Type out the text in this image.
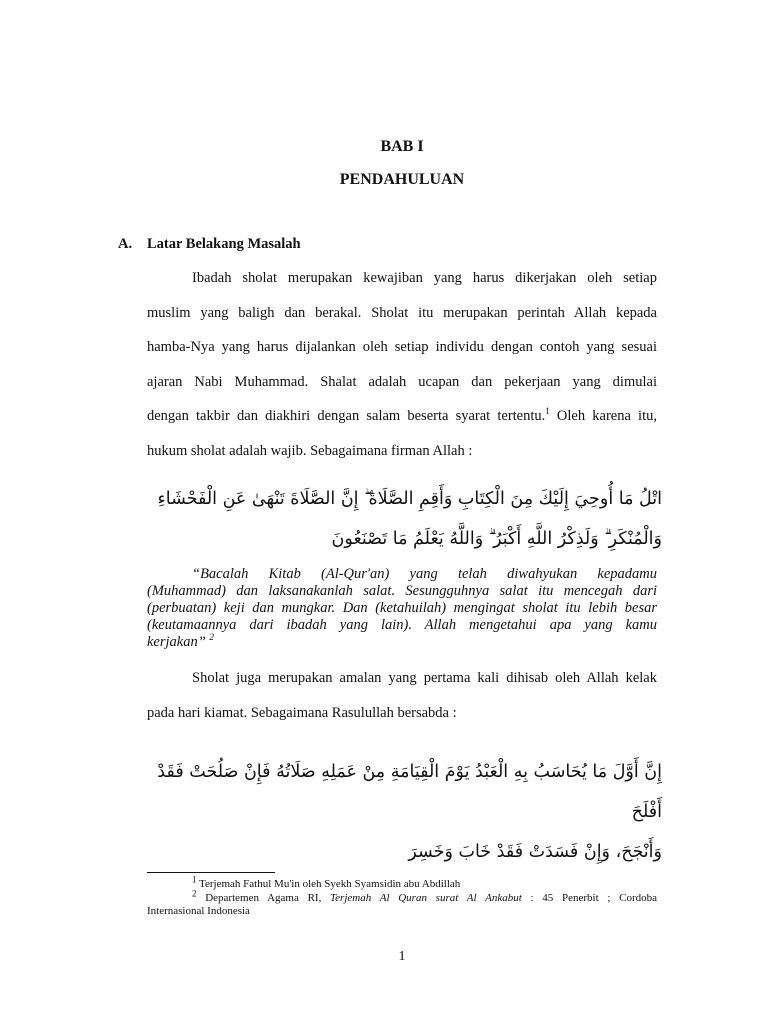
BAB I
PENDAHULUAN
A. Latar Belakang Masalah

Ibadah sholat merupakan kewajiban yang harus dikerjakan oleh setiap
muslim yang baligh dan berakal. Sholat itu merupakan perintah Allah kepada
hamba-Nya yang harus dijalankan oleh setiap individu dengan contoh yang sesuai
ajaran Nabi Muhammad. Shalat adalah ucapan dan pekerjaan yang dimulai
dengan takbir dan diakhiri dengan salam beserta syarat tertentu.$^1$ Oleh karena itu,
hukum sholat adalah wajib. Sebagaimana firman Allah :

اتْلُ مَا أُوحِيَ إِلَيْكَ مِنَ الْكِتَابِ وَأَقِمِ الصَّلَاةَ ۖ إِنَّ الصَّلَاةَ تَنْهَىٰ عَنِ الْفَحْشَاءِ
وَالْمُنْكَرِ ۗ وَلَذِكْرُ اللَّهِ أَكْبَرُ ۗ وَاللَّهُ يَعْلَمُ مَا تَصْنَعُونَ

“Bacalah Kitab (Al-Qur'an) yang telah diwahyukan kepadamu
(Muhammad) dan laksanakanlah salat. Sesungguhnya salat itu mencegah dari
(perbuatan) keji dan mungkar. Dan (ketahuilah) mengingat sholat itu lebih besar
(keutamaannya dari ibadah yang lain). Allah mengetahui apa yang kamu
kerjakan” $^2$

Sholat juga merupakan amalan yang pertama kali dihisab oleh Allah kelak
pada hari kiamat. Sebagaimana Rasulullah bersabda :

إِنَّ أَوَّلَ مَا يُحَاسَبُ بِهِ الْعَبْدُ يَوْمَ الْقِيَامَةِ مِنْ عَمَلِهِ صَلَاتُهُ فَإِنْ صَلُحَتْ فَقَدْ أَفْلَحَ
وَأَنْجَحَ، وَإِنْ فَسَدَتْ فَقَدْ خَابَ وَخَسِرَ

$^1$ Terjemah Fathul Mu'in oleh Syekh Syamsidin abu Abdillah

$^2$ Departemen Agama RI, Terjemah Al Quran surat Al Ankabut : 45 Penerbit ; Cordoba
Internasional Indonesia

1
